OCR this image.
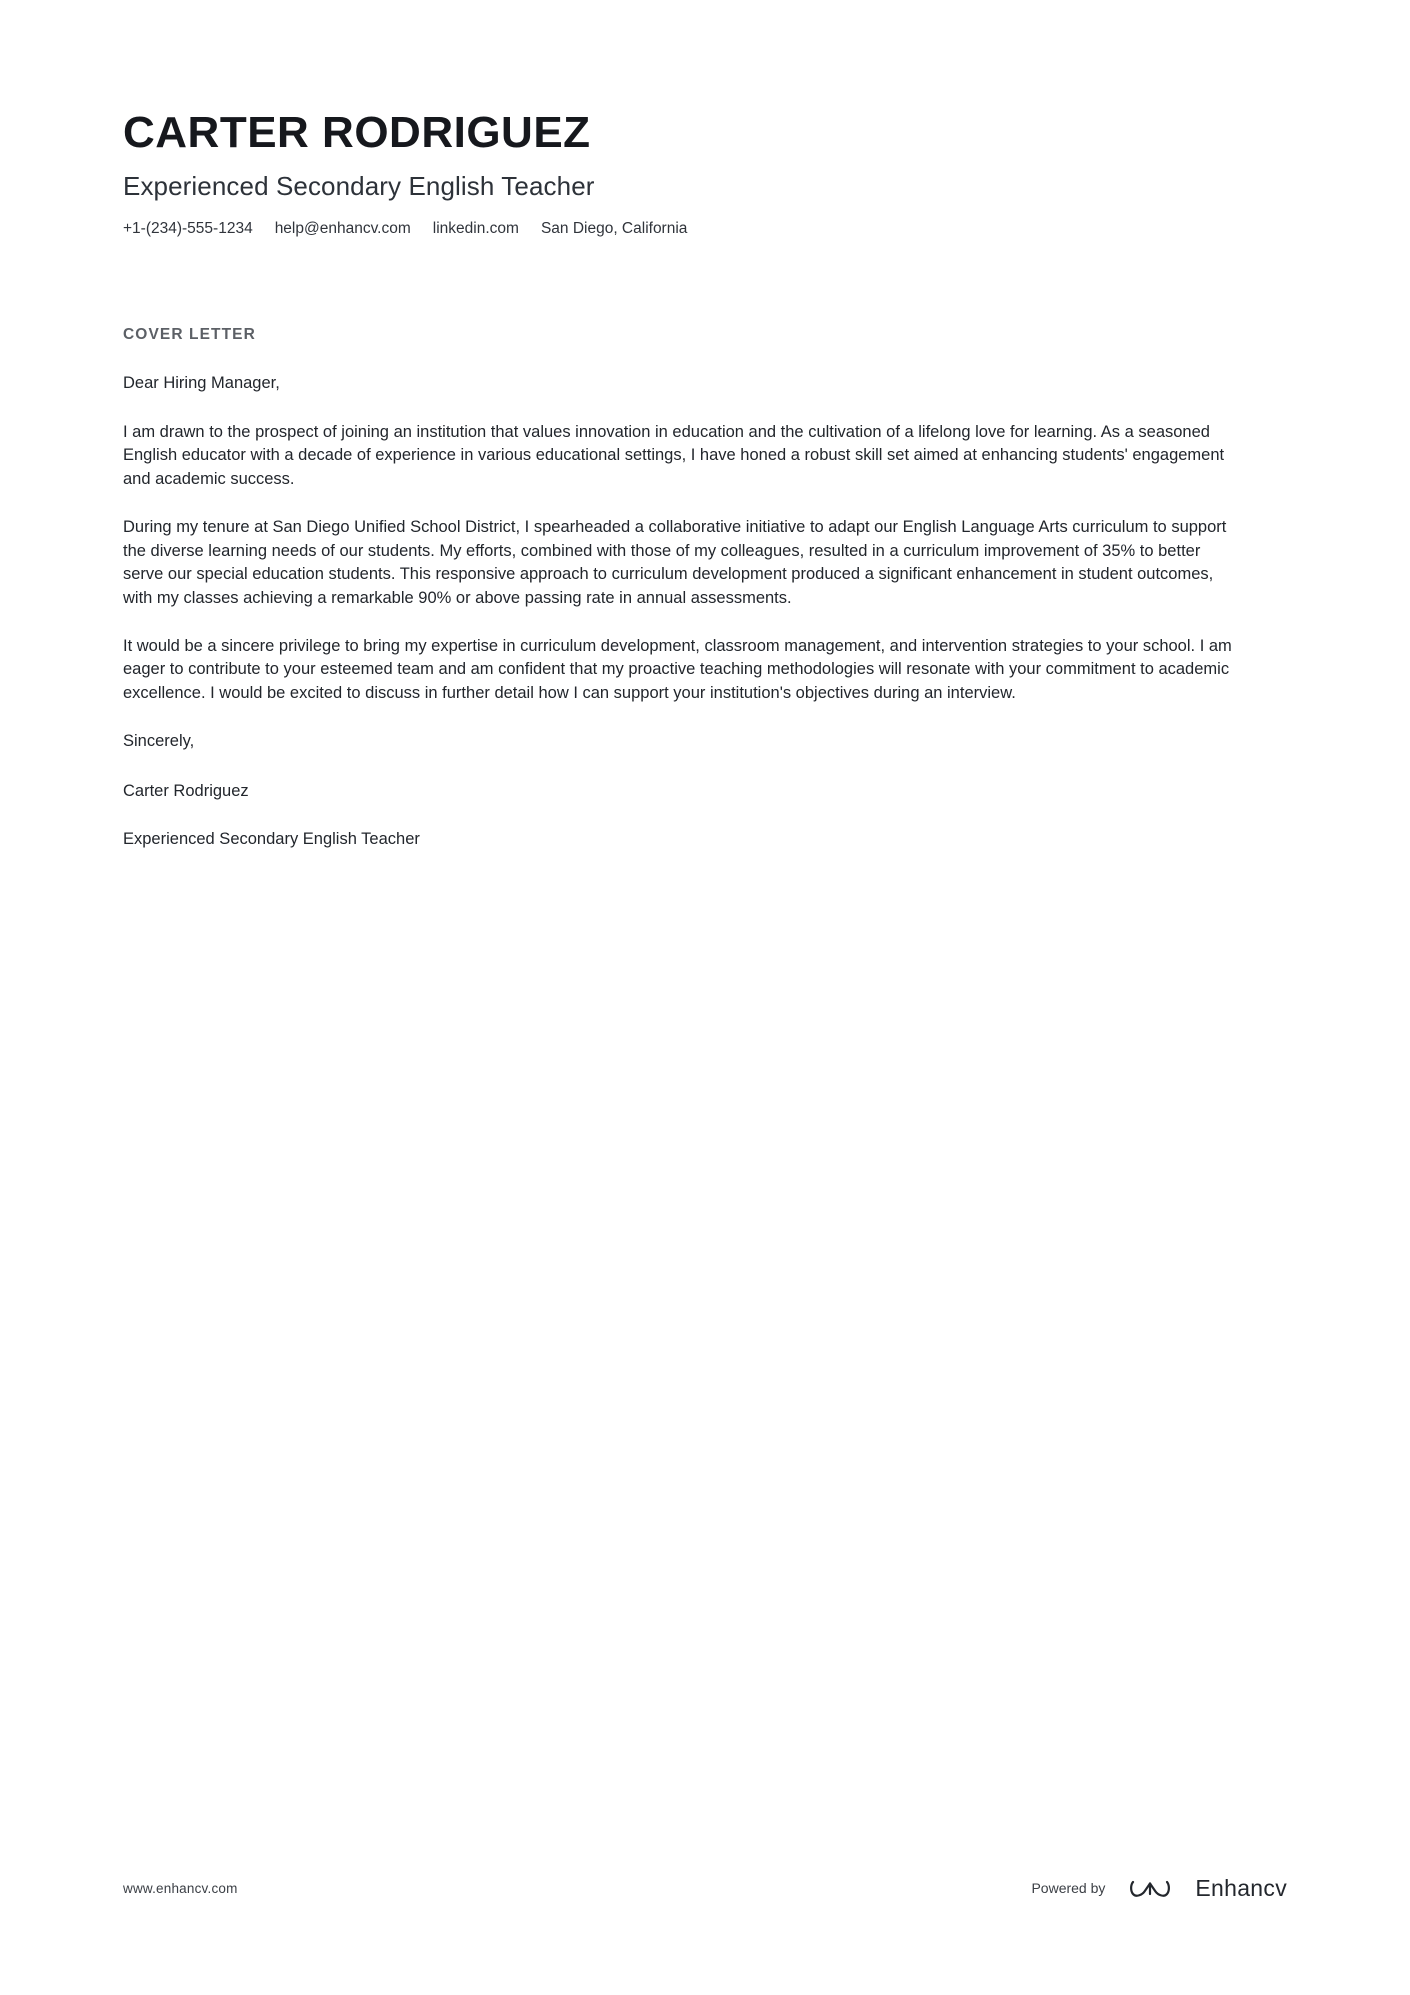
CARTER RODRIGUEZ
Experienced Secondary English Teacher
+1-(234)-555-1234 help@enhancv.com linkedin.com San Diego, California
COVER LETTER

Dear Hiring Manager,

I am drawn to the prospect of joining an institution that values innovation in education and the cultivation of a lifelong love for learning. As a seasoned English educator with a decade of experience in various educational settings, I have honed a robust skill set aimed at enhancing students' engagement and academic success.

During my tenure at San Diego Unified School District, I spearheaded a collaborative initiative to adapt our English Language Arts curriculum to support the diverse learning needs of our students. My efforts, combined with those of my colleagues, resulted in a curriculum improvement of 35% to better serve our special education students. This responsive approach to curriculum development produced a significant enhancement in student outcomes, with my classes achieving a remarkable 90% or above passing rate in annual assessments.

It would be a sincere privilege to bring my expertise in curriculum development, classroom management, and intervention strategies to your school. I am eager to contribute to your esteemed team and am confident that my proactive teaching methodologies will resonate with your commitment to academic excellence. I would be excited to discuss in further detail how I can support your institution's objectives during an interview.

Sincerely,

Carter Rodriguez

Experienced Secondary English Teacher

www.enhancv.com	Powered by	Enhancv
